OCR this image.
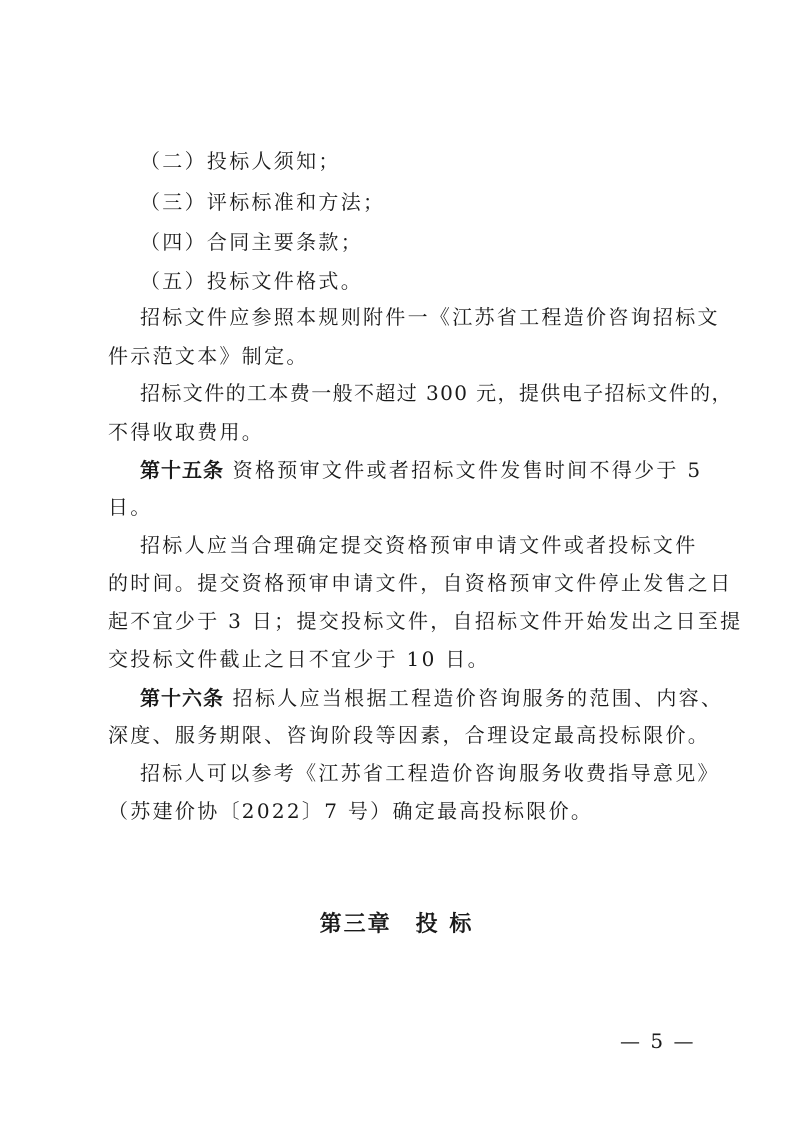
（二）投标人须知；
（三）评标标准和方法；
（四）合同主要条款；
（五）投标文件格式。
招标文件应参照本规则附件一《江苏省工程造价咨询招标文
件示范文本》制定。
招标文件的工本费一般不超过 300 元，提供电子招标文件的，
不得收取费用。
第十五条 资格预审文件或者招标文件发售时间不得少于 5
日。
招标人应当合理确定提交资格预审申请文件或者投标文件
的时间。提交资格预审申请文件，自资格预审文件停止发售之日
起不宜少于 3 日；提交投标文件，自招标文件开始发出之日至提
交投标文件截止之日不宜少于 10 日。
第十六条 招标人应当根据工程造价咨询服务的范围、内容、
深度、服务期限、咨询阶段等因素，合理设定最高投标限价。
招标人可以参考《江苏省工程造价咨询服务收费指导意见》
（苏建价协〔2022〕7 号）确定最高投标限价。
第三章　投 标
— 5 —
